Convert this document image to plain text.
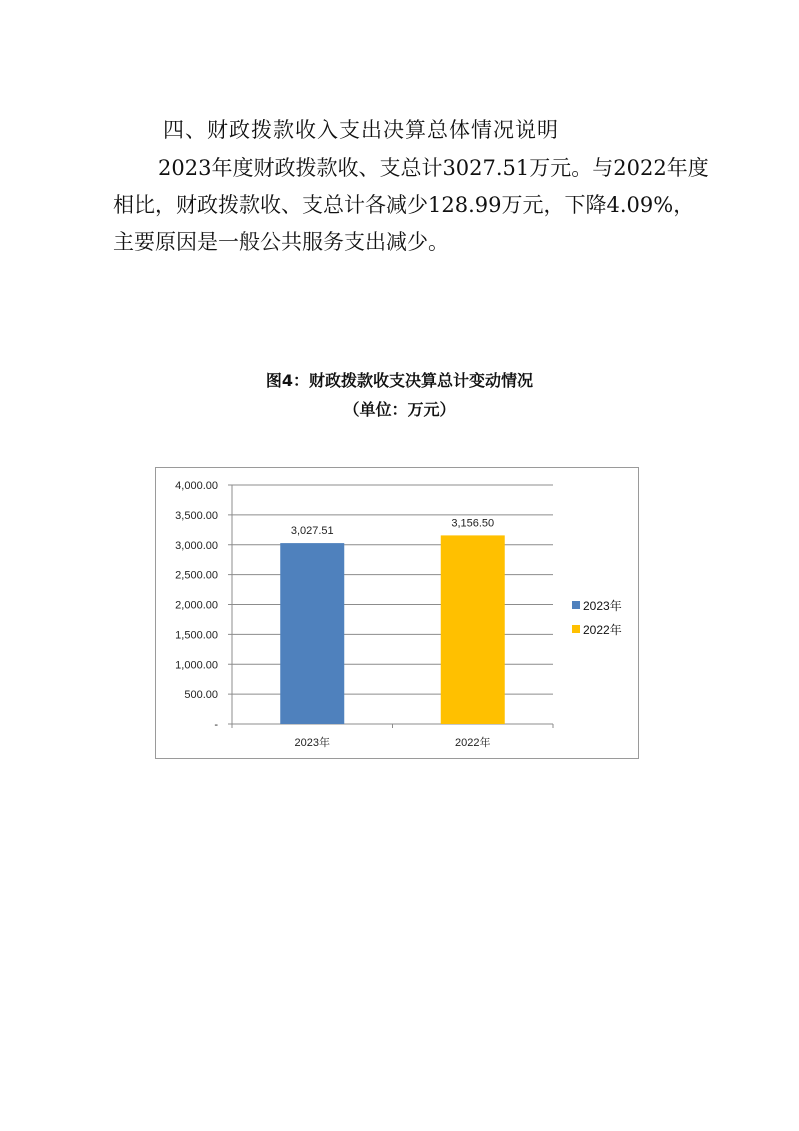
四、财政拨款收入支出决算总体情况说明
2023年度财政拨款收、支总计3027.51万元。与2022年度
相比，财政拨款收、支总计各减少128.99万元，下降4.09%，
主要原因是一般公共服务支出减少。
图4：财政拨款收支决算总计变动情况
（单位：万元）
-
500.00
1,000.00
1,500.00
2,000.00
2,500.00
3,000.00
3,500.00
4,000.00
3,027.51
2023年
3,156.50
2022年
2023年
2022年
